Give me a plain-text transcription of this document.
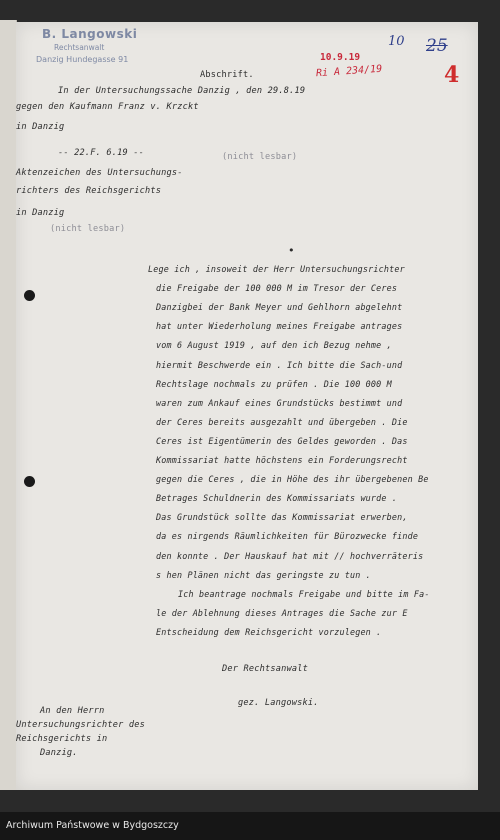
B. Langowski
Rechtsanwalt
Danzig Hundegasse 91	10.9.19
Ri A 234/19
10 25
4
Abschrift.
In der Untersuchungssache Danzig , den 29.8.19
gegen den Kaufmann Franz v. Krzckt
in Danzig
-- 22.F. 6.19 --
Aktenzeichen des Untersuchungs-
richters des Reichsgerichts
in Danzig
(nicht lesbar)
(nicht lesbar)
•
Der Rechtsanwalt
gez. Langowski.
An den Herrn
Untersuchungsrichter des
Reichsgerichts in
Danzig.
Lege ich , insoweit der Herr Untersuchungsrichter
die Freigabe der 100 000 M im Tresor der Ceres
Danzigbei der Bank Meyer und Gehlhorn abgelehnt
hat unter Wiederholung meines Freigabe antrages
vom 6 August 1919 , auf den ich Bezug nehme ,
hiermit Beschwerde ein . Ich bitte die Sach-und
Rechtslage nochmals zu prüfen . Die 100 000 M
waren zum Ankauf eines Grundstücks bestimmt und
der Ceres bereits ausgezahlt und übergeben . Die
Ceres ist Eigentümerin des Geldes geworden . Das
Kommissariat hatte höchstens ein Forderungsrecht
gegen die Ceres , die in Höhe des ihr übergebenen Be
Betrages Schuldnerin des Kommissariats wurde .
Das Grundstück sollte das Kommissariat erwerben,
da es nirgends Räumlichkeiten für Bürozwecke finde
den konnte . Der Hauskauf hat mit // hochverräteris
s hen Plänen nicht das geringste zu tun .
Ich beantrage nochmals Freigabe und bitte im Fa-
le der Ablehnung dieses Antrages die Sache zur E
Entscheidung dem Reichsgericht vorzulegen .
Archiwum Państwowe w Bydgoszczy
